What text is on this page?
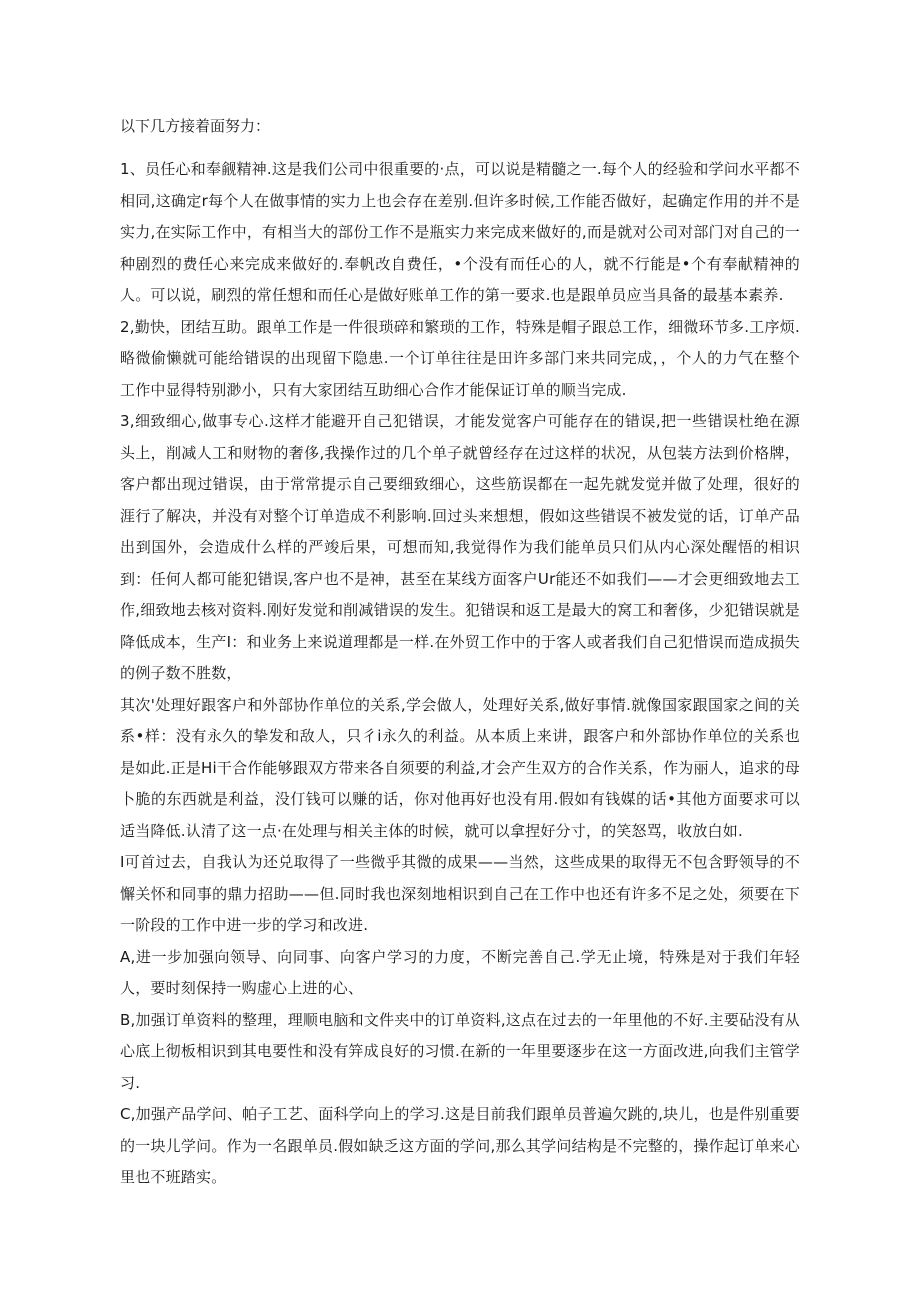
以下几方接着面努力：

1、员任心和奉觎精神.这是我们公司中很重要的·点，可以说是精髓之一.每个人的经验和学问水平都不相同,这确定r每个人在做事情的实力上也会存在差别.但许多时候,工作能否做好，起确定作用的并不是实力,在实际工作中，有相当大的部份工作不是瓶实力来完成来做好的,而是就对公司对部门对自己的一种剧烈的费任心来完成来做好的.奉帆改自费任，•个没有而任心的人，就不行能是•个有奉献精神的人。可以说，刷烈的常任想和而任心是做好账单工作的第一要求.也是跟单员应当具备的最基本素养.

2,勤快，团结互助。跟单工作是一件很琐碎和繁琐的工作，特殊是帽子跟总工作，细微环节多.工序烦.略微偷懒就可能给错误的出现留下隐患.一个订单往往是田许多部门来共同完成，，个人的力气在整个工作中显得特别渺小，只有大家团结互助细心合作才能保证订单的顺当完成.

3,细致细心,做事专心.这样才能避开自己犯错误，才能发觉客户可能存在的错误,把一些错误杜绝在源头上，削减人工和财物的奢侈,我操作过的几个单子就曾经存在过这样的状况，从包装方法到价格牌，客户都出现过错误，由于常常提示自己要细致细心，这些筋误都在一起先就发觉并做了处理，很好的涯行了解决，并没有对整个订单造成不利影响.回过头来想想，假如这些错误不被发觉的话，订单产品出到国外，会造成什么样的严竣后果，可想而知,我觉得作为我们能单员只们从内心深处醒悟的相识到：任何人都可能犯错误,客户也不是神，甚至在某线方面客户Ur能还不如我们——才会更细致地去工作,细致地去核对资料.刚好发觉和削减错误的发生。犯错误和返工是最大的窝工和奢侈，少犯错误就是降低成本，生产I：和业务上来说道理都是一样.在外贸工作中的于客人或者我们自己犯惜误而造成损失的例子数不胜数，

其次'处理好跟客户和外部协作单位的关系,学会做人，处理好关系,做好事情.就像国家跟国家之间的关系•样：没有永久的挚发和敌人，只彳i永久的利益。从本质上来讲，跟客户和外部协作单位的关系也是如此.正是Hi干合作能够跟双方带来各自须要的利益,才会产生双方的合作关系，作为丽人，追求的母卜脆的东西就是利益，没仃钱可以赚的话，你对他再好也没有用.假如有钱媒的话•其他方面要求可以适当降低.认清了这一点·在处理与相关主体的时候，就可以拿捏好分寸，的笑怒骂，收放白如.

I可首过去，自我认为还兑取得了一些微乎其微的成果——当然，这些成果的取得无不包含野领导的不懈关怀和同事的鼎力招助——但.同时我也深刻地相识到自己在工作中也还有许多不足之处，须要在下一阶段的工作中进一步的学习和改进.

A,进一步加强向领导、向同事、向客户学习的力度，不断完善自己.学无止境，特殊是对于我们年轻人，要时刻保持一购虚心上进的心、

B,加强订单资料的整理，理顺电脑和文件夹中的订单资料,这点在过去的一年里他的不好.主要砧没有从心底上彻板相识到其电要性和没有笄成良好的习惯.在新的一年里要逐步在这一方面改进,向我们主管学习.

C,加强产品学问、帕子工艺、面科学向上的学习.这是目前我们跟单员普遍欠跳的,块儿，也是件别重要的一块儿学问。作为一名跟单员.假如缺乏这方面的学问,那么其学问结构是不完整的，操作起订单来心里也不班踏实。
